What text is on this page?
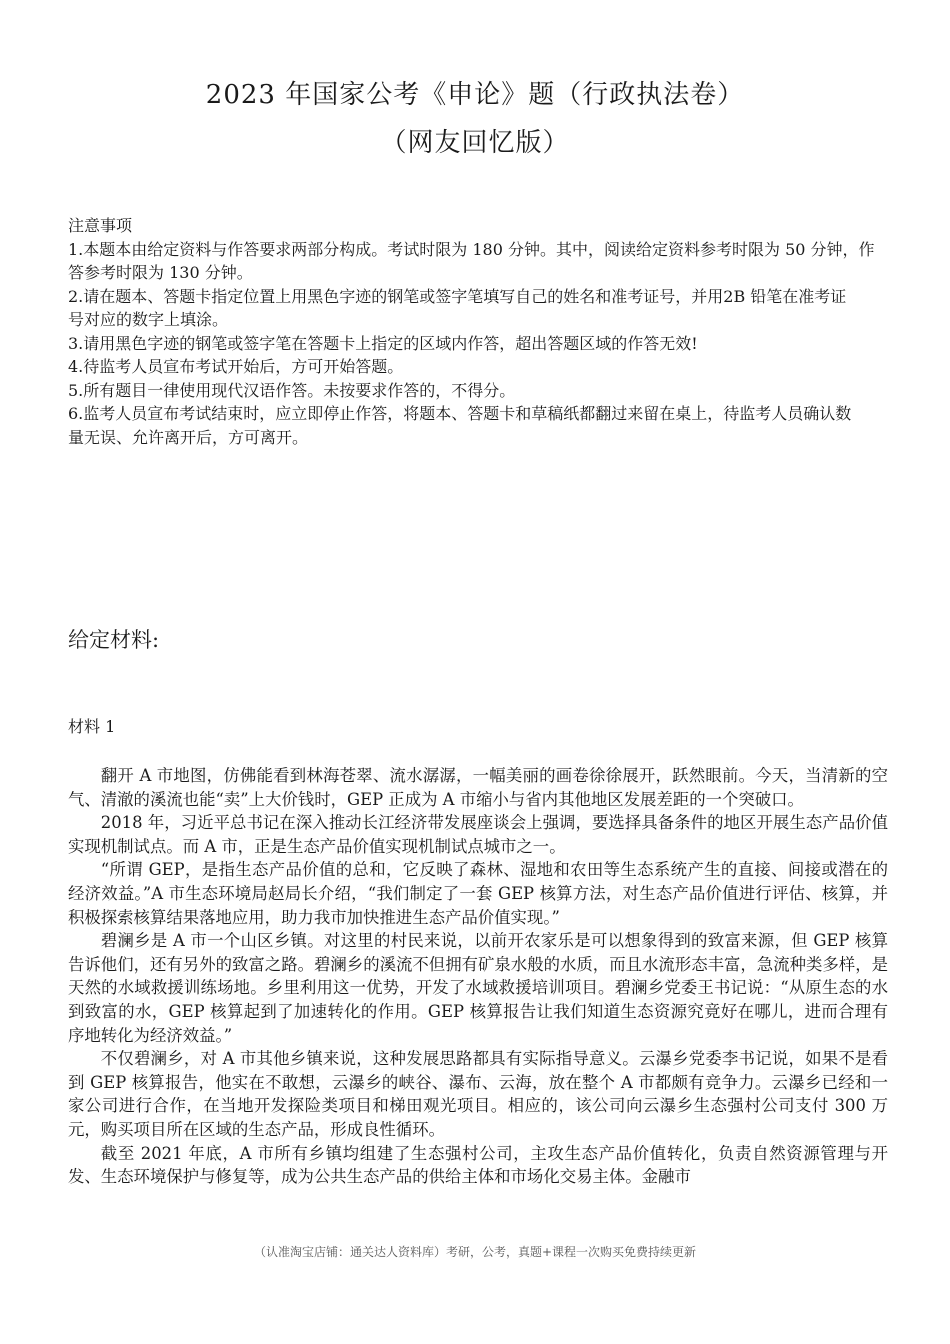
2023 年国家公考《申论》题（行政执法卷）
（网友回忆版）
注意事项
1.本题本由给定资料与作答要求两部分构成。考试时限为 180 分钟。其中，阅读给定资料参考时限为 50 分钟，作
答参考时限为 130 分钟。
2.请在题本、答题卡指定位置上用黑色字迹的钢笔或签字笔填写自己的姓名和准考证号，并用2B 铅笔在准考证
号对应的数字上填涂。
3.请用黑色字迹的钢笔或签字笔在答题卡上指定的区域内作答，超出答题区域的作答无效!
4.待监考人员宣布考试开始后，方可开始答题。
5.所有题目一律使用现代汉语作答。未按要求作答的，不得分。
6.监考人员宣布考试结束时，应立即停止作答，将题本、答题卡和草稿纸都翻过来留在桌上，待监考人员确认数
量无误、允许离开后，方可离开。
给定材料:
材料 1

翻开 A 市地图，仿佛能看到林海苍翠、流水潺潺，一幅美丽的画卷徐徐展开，跃然眼前。今天，当清新的空气、清澈的溪流也能“卖”上大价钱时，GEP 正成为 A 市缩小与省内其他地区发展差距的一个突破口。

2018 年，习近平总书记在深入推动长江经济带发展座谈会上强调，要选择具备条件的地区开展生态产品价值实现机制试点。而 A 市，正是生态产品价值实现机制试点城市之一。

“所谓 GEP，是指生态产品价值的总和，它反映了森林、湿地和农田等生态系统产生的直接、间接或潜在的经济效益。”A 市生态环境局赵局长介绍，“我们制定了一套 GEP 核算方法，对生态产品价值进行评估、核算，并积极探索核算结果落地应用，助力我市加快推进生态产品价值实现。”

碧澜乡是 A 市一个山区乡镇。对这里的村民来说，以前开农家乐是可以想象得到的致富来源，但 GEP 核算告诉他们，还有另外的致富之路。碧澜乡的溪流不但拥有矿泉水般的水质，而且水流形态丰富，急流种类多样，是天然的水域救援训练场地。乡里利用这一优势，开发了水域救援培训项目。碧澜乡党委王书记说：“从原生态的水到致富的水，GEP 核算起到了加速转化的作用。GEP 核算报告让我们知道生态资源究竟好在哪儿，进而合理有序地转化为经济效益。”

不仅碧澜乡，对 A 市其他乡镇来说，这种发展思路都具有实际指导意义。云瀑乡党委李书记说，如果不是看到 GEP 核算报告，他实在不敢想，云瀑乡的峡谷、瀑布、云海，放在整个 A 市都颇有竞争力。云瀑乡已经和一家公司进行合作，在当地开发探险类项目和梯田观光项目。相应的，该公司向云瀑乡生态强村公司支付 300 万元，购买项目所在区域的生态产品，形成良性循环。

截至 2021 年底，A 市所有乡镇均组建了生态强村公司，主攻生态产品价值转化，负责自然资源管理与开发、生态环境保护与修复等，成为公共生态产品的供给主体和市场化交易主体。金融市

（认准淘宝店铺：通关达人资料库）考研，公考，真题+课程一次购买免费持续更新
